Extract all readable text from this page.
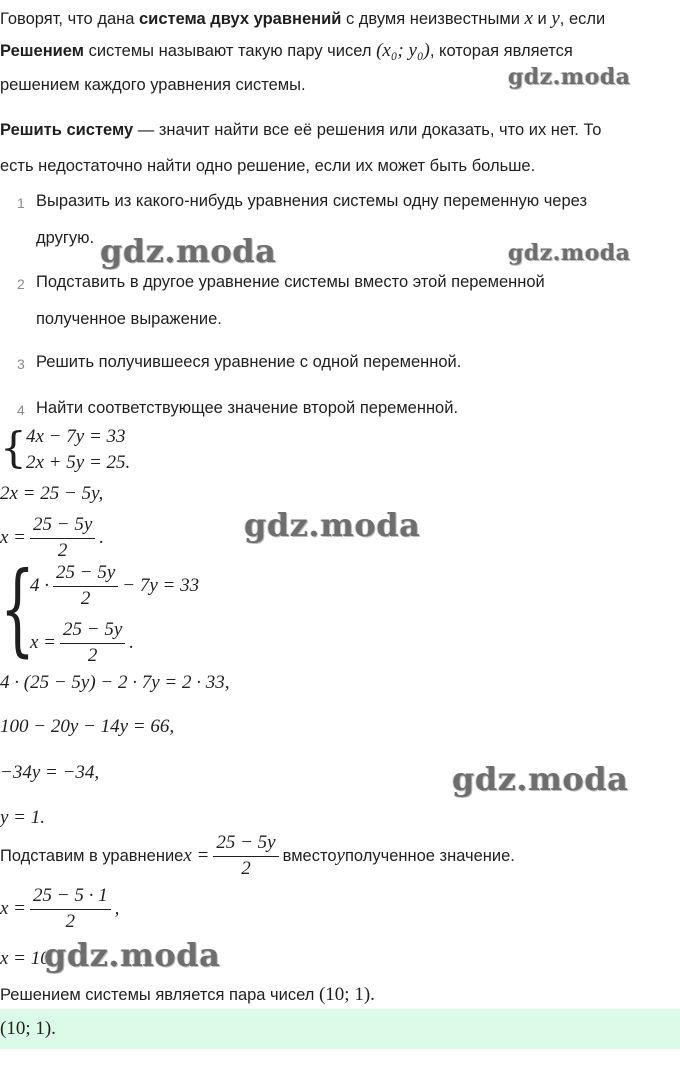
Говорят, что дана система двух уравнений с двумя неизвестными x и y, если
Решением системы называют такую пару чисел (x₀; y₀), которая является
решением каждого уравнения системы.
Решить систему — значит найти все её решения или доказать, что их нет. То
есть недостаточно найти одно решение, если их может быть больше.
1 Выразить из какого-нибудь уравнения системы одну переменную через
другую.
2 Подставить в другое уравнение системы вместо этой переменной
полученное выражение.
3 Решить получившееся уравнение с одной переменной.
4 Найти соответствующее значение второй переменной.
{ 4x − 7y = 33
2x + 5y = 25.
2x = 25 − 5y,
$x = \frac{25 - 5y}{2}$ .
{
$4 \cdot \frac{25 - 5y}{2} - 7y = 33$
$x = \frac{25 - 5y}{2}$ .
4 · (25 − 5y) − 2 · 7y = 2 · 33,
100 − 20y − 14y = 66,
−34y = −34,
y = 1.
Подставим в уравнение $x = \frac{25 - 5y}{2}$ вместо y полученное значение.
$x = \frac{25 - 5 \cdot 1}{2}$ ,
x = 10.
Решением системы является пара чисел (10; 1).
(10; 1).
gdz.moda
gdz.moda	gdz.moda
gdz.moda
gdz.moda
gdz.moda
